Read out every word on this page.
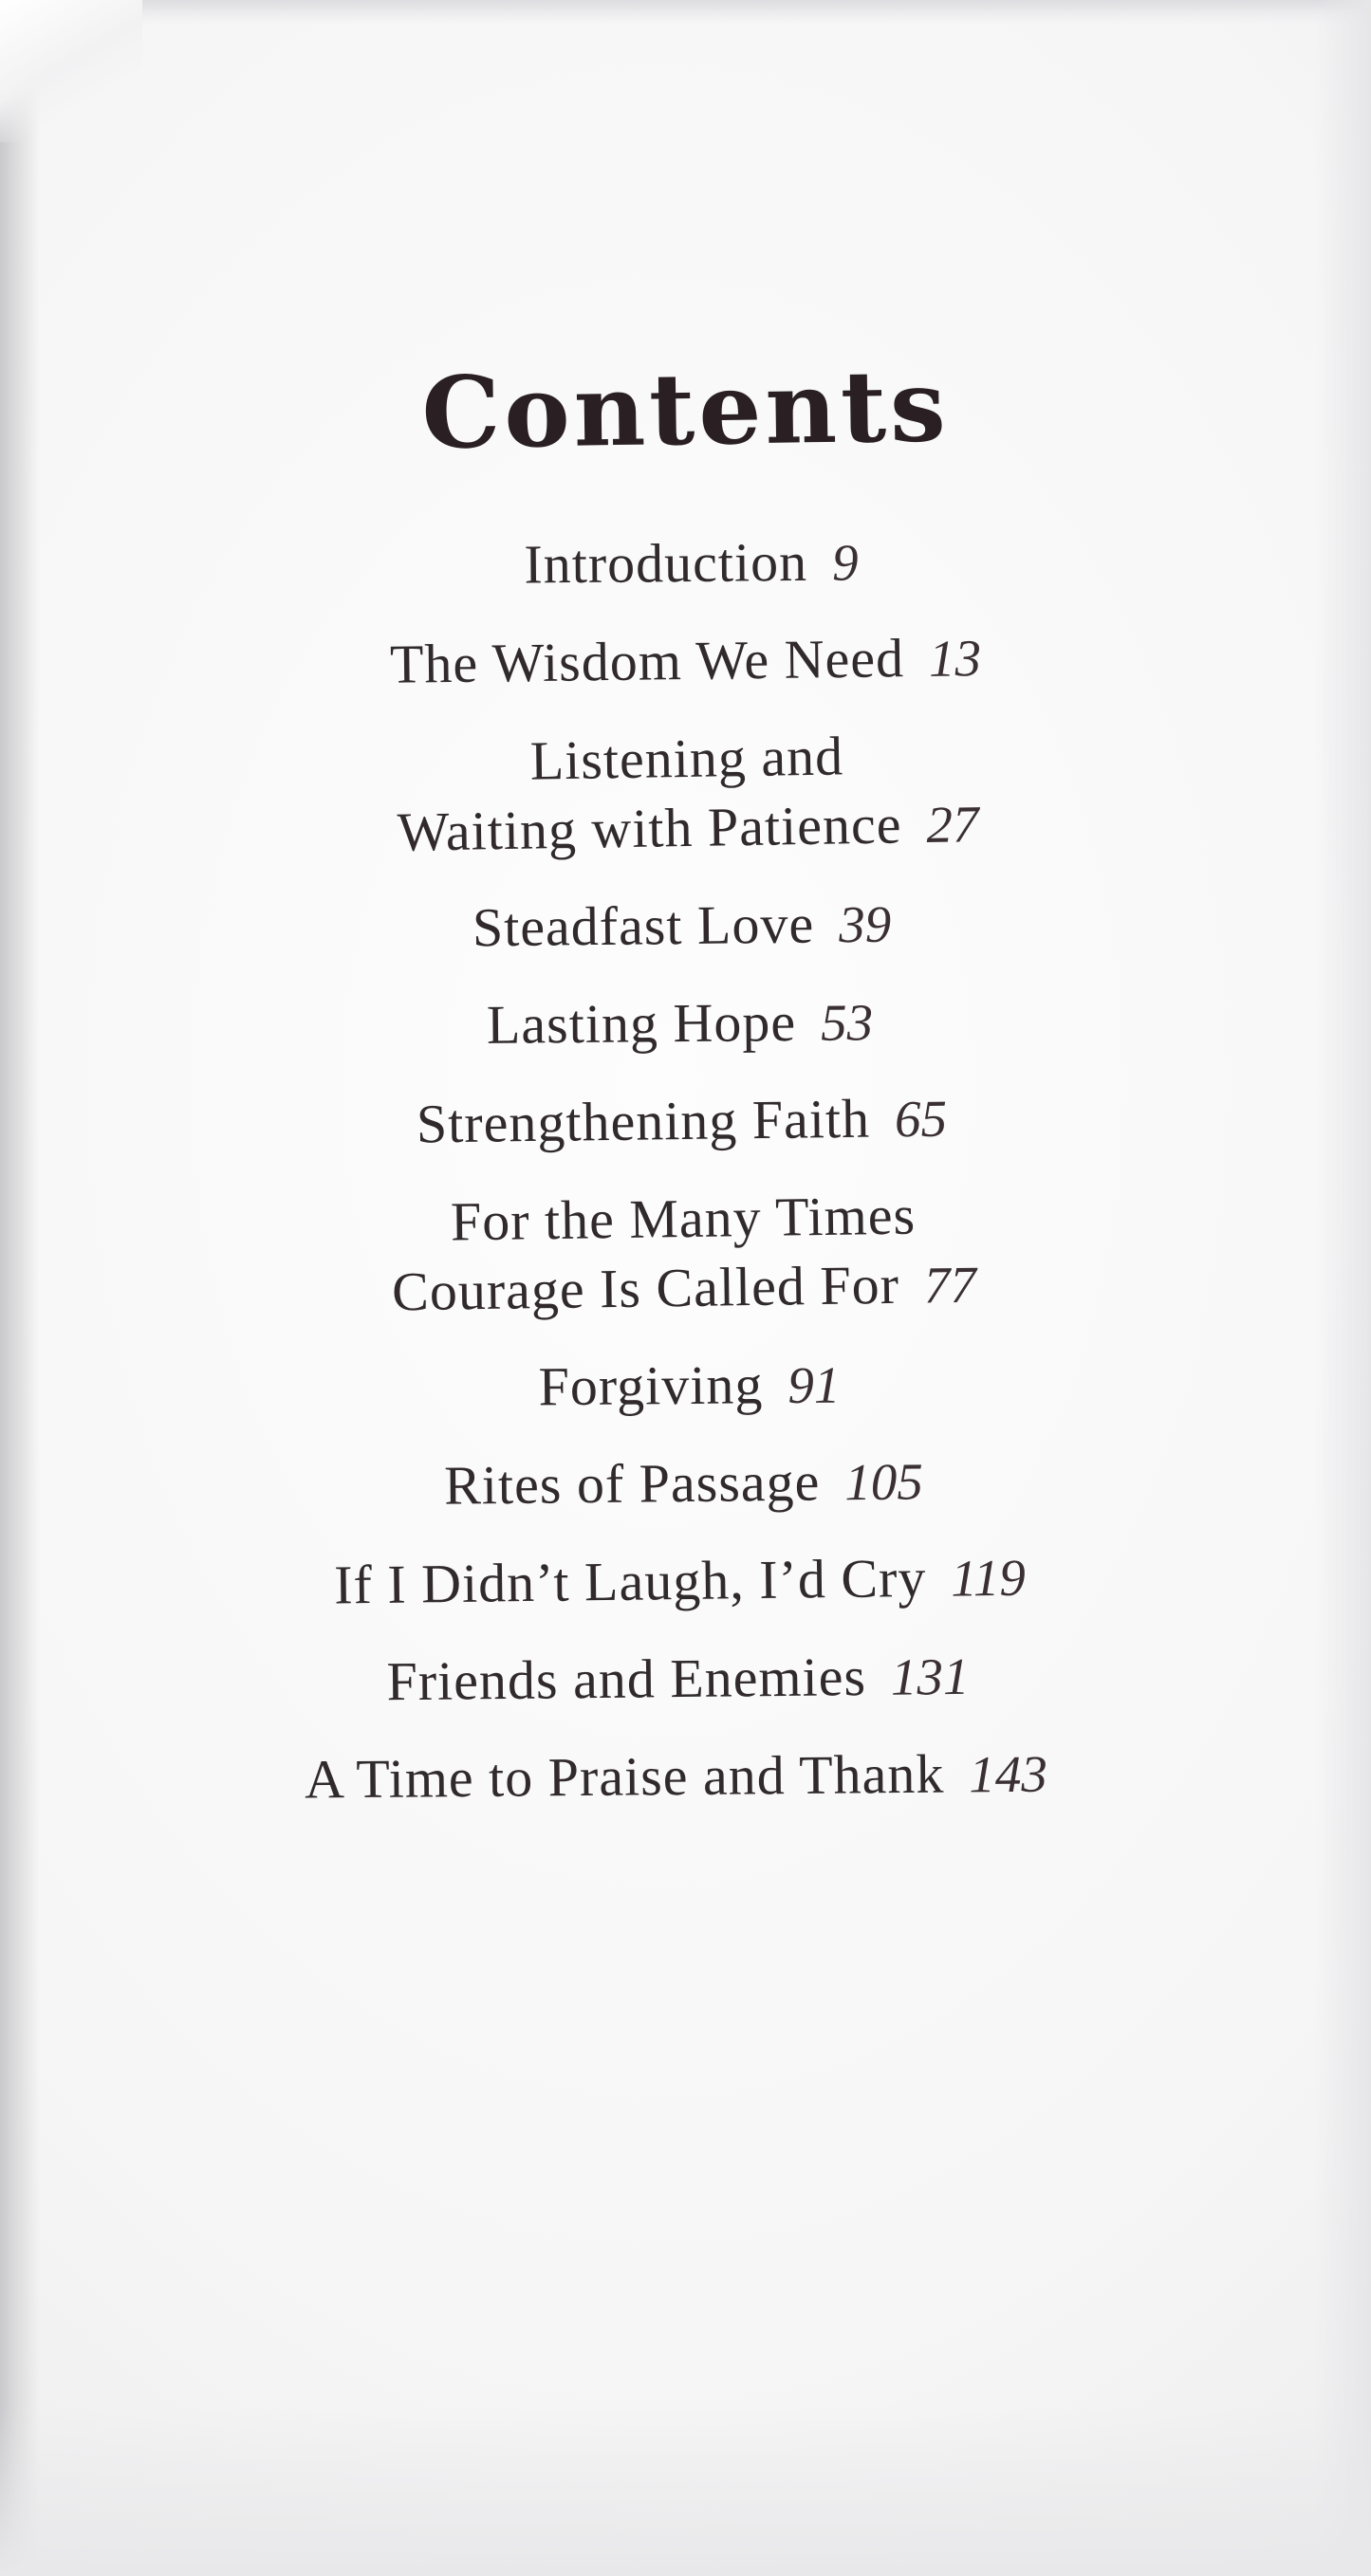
Contents
Introduction 9
The Wisdom We Need 13
Listening and
Waiting with Patience 27
Steadfast Love 39
Lasting Hope 53
Strengthening Faith 65
For the Many Times
Courage Is Called For 77
Forgiving 91
Rites of Passage 105
If I Didn’t Laugh, I’d Cry 119
Friends and Enemies 131
A Time to Praise and Thank 143
